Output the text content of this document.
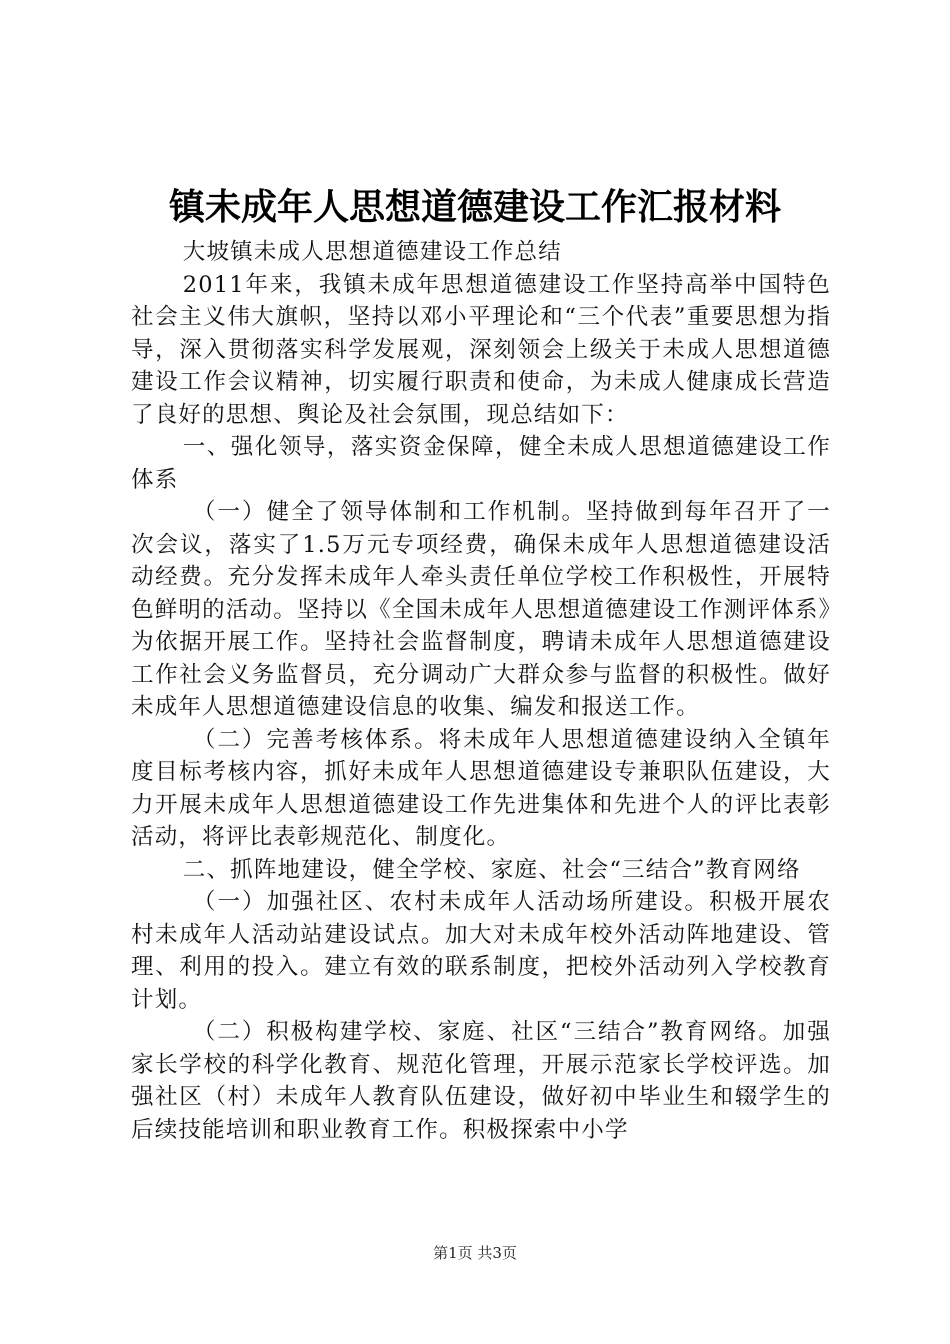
镇未成年人思想道德建设工作汇报材料

大坡镇未成人思想道德建设工作总结

2011年来，我镇未成年思想道德建设工作坚持高举中国特色社会主义伟大旗帜，坚持以邓小平理论和“三个代表”重要思想为指导，深入贯彻落实科学发展观，深刻领会上级关于未成人思想道德建设工作会议精神，切实履行职责和使命，为未成人健康成长营造了良好的思想、舆论及社会氛围，现总结如下：

一、强化领导，落实资金保障，健全未成人思想道德建设工作体系

（一）健全了领导体制和工作机制。坚持做到每年召开了一次会议，落实了1.5万元专项经费，确保未成年人思想道德建设活动经费。充分发挥未成年人牵头责任单位学校工作积极性，开展特色鲜明的活动。坚持以《全国未成年人思想道德建设工作测评体系》为依据开展工作。坚持社会监督制度，聘请未成年人思想道德建设工作社会义务监督员，充分调动广大群众参与监督的积极性。做好未成年人思想道德建设信息的收集、编发和报送工作。

（二）完善考核体系。将未成年人思想道德建设纳入全镇年度目标考核内容，抓好未成年人思想道德建设专兼职队伍建设，大力开展未成年人思想道德建设工作先进集体和先进个人的评比表彰活动，将评比表彰规范化、制度化。

二、抓阵地建设，健全学校、家庭、社会“三结合”教育网络

（一）加强社区、农村未成年人活动场所建设。积极开展农村未成年人活动站建设试点。加大对未成年校外活动阵地建设、管理、利用的投入。建立有效的联系制度，把校外活动列入学校教育计划。

（二）积极构建学校、家庭、社区“三结合”教育网络。加强家长学校的科学化教育、规范化管理，开展示范家长学校评选。加强社区（村）未成年人教育队伍建设，做好初中毕业生和辍学生的后续技能培训和职业教育工作。积极探索中小学

第1页 共3页
